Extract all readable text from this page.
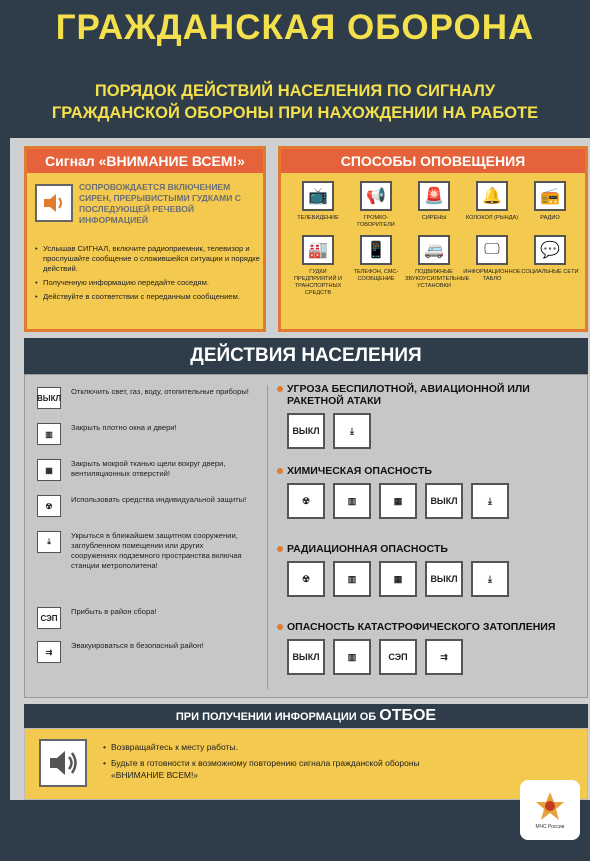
ГРАЖДАНСКАЯ ОБОРОНА
ПОРЯДОК ДЕЙСТВИЙ НАСЕЛЕНИЯ ПО СИГНАЛУ
ГРАЖДАНСКОЙ ОБОРОНЫ ПРИ НАХОЖДЕНИИ НА РАБОТЕ
Сигнал «ВНИМАНИЕ ВСЕМ!»
СОПРОВОЖДАЕТСЯ ВКЛЮЧЕНИЕМ СИРЕН, ПРЕРЫВИСТЫМИ ГУДКАМИ С ПОСЛЕДУЮЩЕЙ РЕЧЕВОЙ ИНФОРМАЦИЕЙ
• Услышав СИГНАЛ, включите радиоприемник, телевизор и прослушайте сообщение о сложившейся ситуации и порядке действий.
• Полученную информацию передайте соседям.
• Действуйте в соответствии с переданным сообщением.
СПОСОБЫ ОПОВЕЩЕНИЯ
📺
ТЕЛЕВИДЕНИЕ
📢
ГРОМКО-ГОВОРИТЕЛИ
🚨
СИРЕНЫ
🔔
КОЛОКОЛ (РЫНДА)
📻
РАДИО
🏭
ГУДКИ ПРЕДПРИЯТИЙ И ТРАНСПОРТНЫХ СРЕДСТВ
📱
ТЕЛЕФОН, СМС-СООБЩЕНИЕ
🚐
ПОДВИЖНЫЕ ЗВУКОУСИЛИТЕЛЬНЫЕ УСТАНОВКИ
🖵
ИНФОРМАЦИОННОЕ ТАБЛО
💬
СОЦИАЛЬНЫЕ СЕТИ
ДЕЙСТВИЯ НАСЕЛЕНИЯ
ВЫКЛ
Отключить свет, газ, воду, отопительные приборы!
▥
Закрыть плотно окна и двери!
▦
Закрыть мокрой тканью щели вокруг двери, вентиляционных отверстий!
☢
Использовать средства индивидуальной защиты!
⤓
Укрыться в ближайшем защитном сооружении, заглубленном помещении или других сооружениях подземного пространства включая станции метрополитена!
СЭП
Прибыть в район сбора!
⇉
Эвакуироваться в безопасный район!
УГРОЗА БЕСПИЛОТНОЙ, АВИАЦИОННОЙ ИЛИ РАКЕТНОЙ АТАКИ
ВЫКЛ	⤓
ХИМИЧЕСКАЯ ОПАСНОСТЬ
☢	▥	▦	ВЫКЛ	⤓
РАДИАЦИОННАЯ ОПАСНОСТЬ
☢	▥	▦	ВЫКЛ	⤓
ОПАСНОСТЬ КАТАСТРОФИЧЕСКОГО ЗАТОПЛЕНИЯ
ВЫКЛ	▥	СЭП	⇉
ПРИ ПОЛУЧЕНИИ ИНФОРМАЦИИ ОБ ОТБОЕ
• Возвращайтесь к месту работы.
• Будьте в готовности к возможному повторению сигнала гражданской обороны «ВНИМАНИЕ ВСЕМ!»
МЧС России
